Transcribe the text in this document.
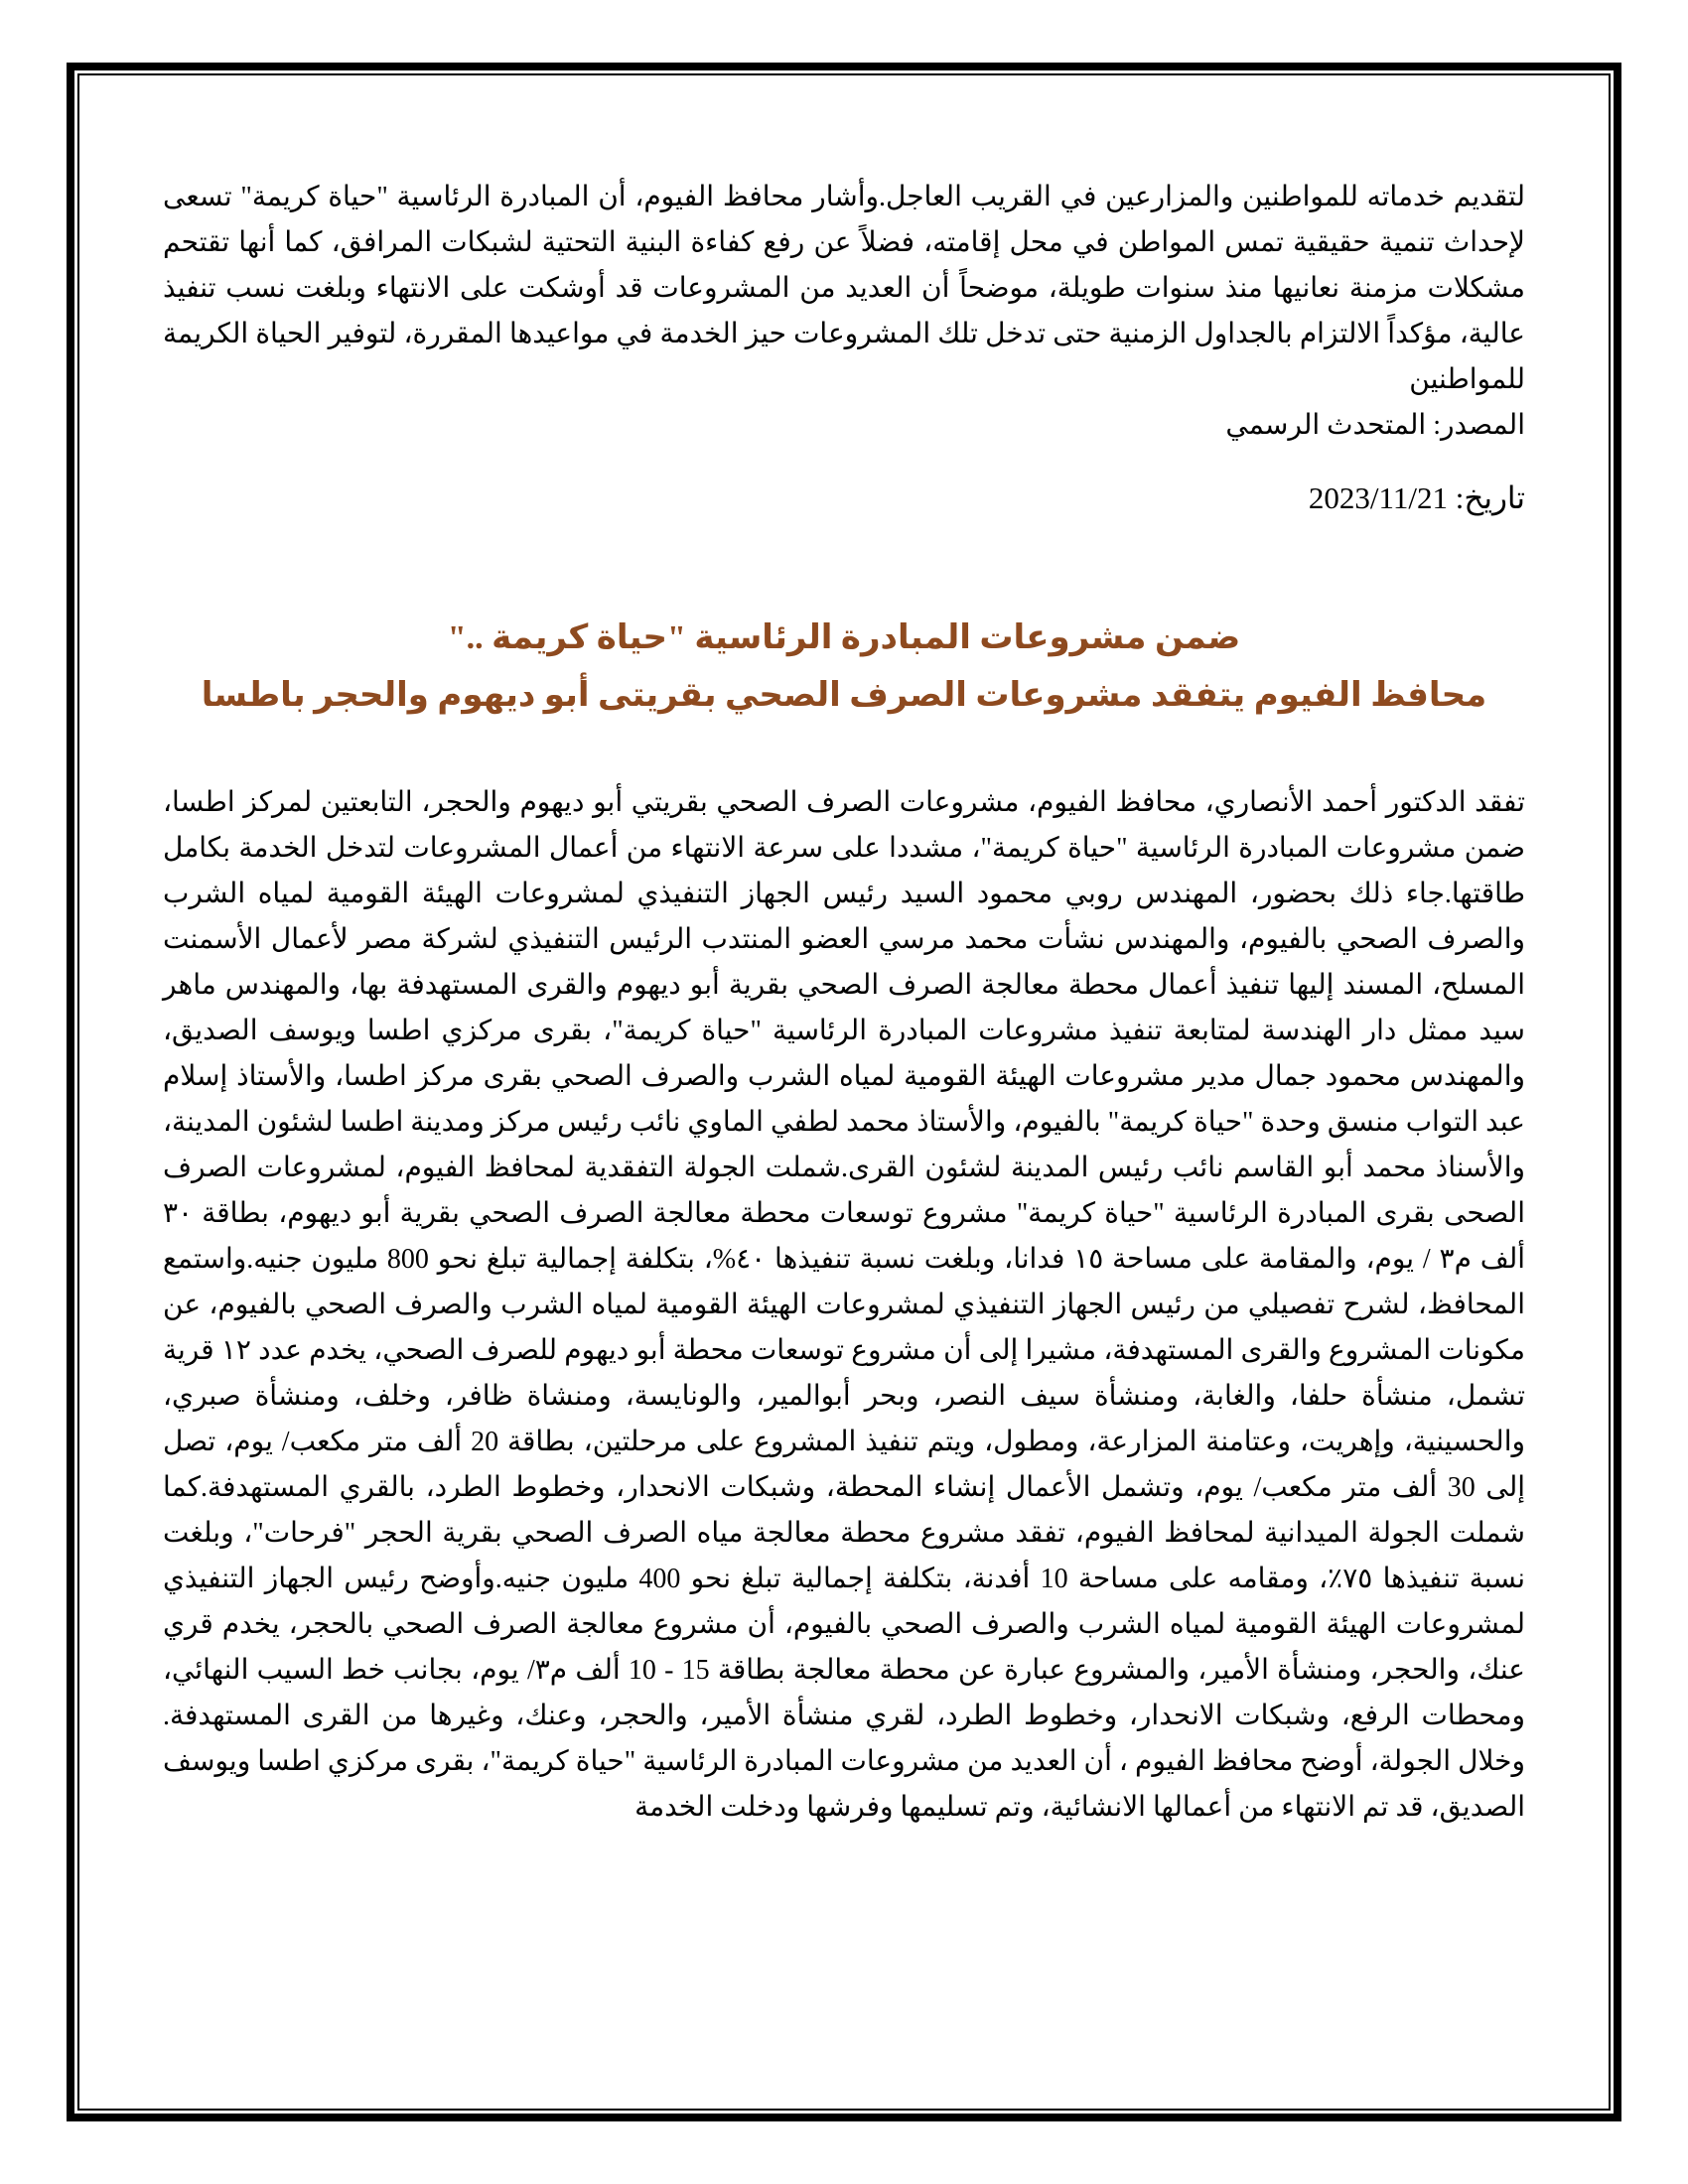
لتقديم خدماته للمواطنين والمزارعين في القريب العاجل.وأشار محافظ الفيوم، أن المبادرة الرئاسية "حياة كريمة" تسعى لإحداث تنمية حقيقية تمس المواطن في محل إقامته، فضلاً عن رفع كفاءة البنية التحتية لشبكات المرافق، كما أنها تقتحم مشكلات مزمنة نعانيها منذ سنوات طويلة، موضحاً أن العديد من المشروعات قد أوشكت على الانتهاء وبلغت نسب تنفيذ عالية، مؤكداً الالتزام بالجداول الزمنية حتى تدخل تلك المشروعات حيز الخدمة في مواعيدها المقررة، لتوفير الحياة الكريمة للمواطنين
المصدر: المتحدث الرسمي
تاريخ: 2023/11/21
ضمن مشروعات المبادرة الرئاسية "حياة كريمة .."
محافظ الفيوم يتفقد مشروعات الصرف الصحي بقريتى أبو ديهوم والحجر باطسا
تفقد الدكتور أحمد الأنصاري، محافظ الفيوم، مشروعات الصرف الصحي بقريتي أبو ديهوم والحجر، التابعتين لمركز اطسا، ضمن مشروعات المبادرة الرئاسية "حياة كريمة"، مشددا على سرعة الانتهاء من أعمال المشروعات لتدخل الخدمة بكامل طاقتها.جاء ذلك بحضور، المهندس روبي محمود السيد رئيس الجهاز التنفيذي لمشروعات الهيئة القومية لمياه الشرب والصرف الصحي بالفيوم، والمهندس نشأت محمد مرسي العضو المنتدب الرئيس التنفيذي لشركة مصر لأعمال الأسمنت المسلح، المسند إليها تنفيذ أعمال محطة معالجة الصرف الصحي بقرية أبو ديهوم والقرى المستهدفة بها، والمهندس ماهر سيد ممثل دار الهندسة لمتابعة تنفيذ مشروعات المبادرة الرئاسية "حياة كريمة"، بقرى مركزي اطسا ويوسف الصديق، والمهندس محمود جمال مدير مشروعات الهيئة القومية لمياه الشرب والصرف الصحي بقرى مركز اطسا، والأستاذ إسلام عبد التواب منسق وحدة "حياة كريمة" بالفيوم، والأستاذ محمد لطفي الماوي نائب رئيس مركز ومدينة اطسا لشئون المدينة، والأسناذ محمد أبو القاسم نائب رئيس المدينة لشئون القرى.شملت الجولة التفقدية لمحافظ الفيوم، لمشروعات الصرف الصحى بقرى المبادرة الرئاسية "حياة كريمة" مشروع توسعات محطة معالجة الصرف الصحي بقرية أبو ديهوم، بطاقة ٣٠ ألف م٣ / يوم، والمقامة على مساحة ١٥ فدانا، وبلغت نسبة تنفيذها ٤٠%، بتكلفة إجمالية تبلغ نحو 800 مليون جنيه.واستمع المحافظ، لشرح تفصيلي من رئيس الجهاز التنفيذي لمشروعات الهيئة القومية لمياه الشرب والصرف الصحي بالفيوم، عن مكونات المشروع والقرى المستهدفة، مشيرا إلى أن مشروع توسعات محطة أبو ديهوم للصرف الصحي، يخدم عدد ١٢ قرية تشمل، منشأة حلفا، والغابة، ومنشأة سيف النصر، وبحر أبوالمير، والونايسة، ومنشاة ظافر، وخلف، ومنشأة صبري، والحسينية، وإهريت، وعتامنة المزارعة، ومطول، ويتم تنفيذ المشروع على مرحلتين، بطاقة 20 ألف متر مكعب/ يوم، تصل إلى 30 ألف متر مكعب/ يوم، وتشمل الأعمال إنشاء المحطة، وشبكات الانحدار، وخطوط الطرد، بالقري المستهدفة.كما شملت الجولة الميدانية لمحافظ الفيوم، تفقد مشروع محطة معالجة مياه الصرف الصحي بقرية الحجر "فرحات"، وبلغت نسبة تنفيذها ٧٥٪، ومقامه على مساحة 10 أفدنة، بتكلفة إجمالية تبلغ نحو 400 مليون جنيه.وأوضح رئيس الجهاز التنفيذي لمشروعات الهيئة القومية لمياه الشرب والصرف الصحي بالفيوم، أن مشروع معالجة الصرف الصحي بالحجر، يخدم قري عنك، والحجر، ومنشأة الأمير، والمشروع عبارة عن محطة معالجة بطاقة ‪10 - 15‬ ألف م٣/ يوم، بجانب خط السيب النهائي، ومحطات الرفع، وشبكات الانحدار، وخطوط الطرد، لقري منشأة الأمير، والحجر، وعنك، وغيرها من القرى المستهدفة. وخلال الجولة، أوضح محافظ الفيوم ، أن العديد من مشروعات المبادرة الرئاسية "حياة كريمة"، بقرى مركزي اطسا ويوسف الصديق، قد تم الانتهاء من أعمالها الانشائية، وتم تسليمها وفرشها ودخلت الخدمة
